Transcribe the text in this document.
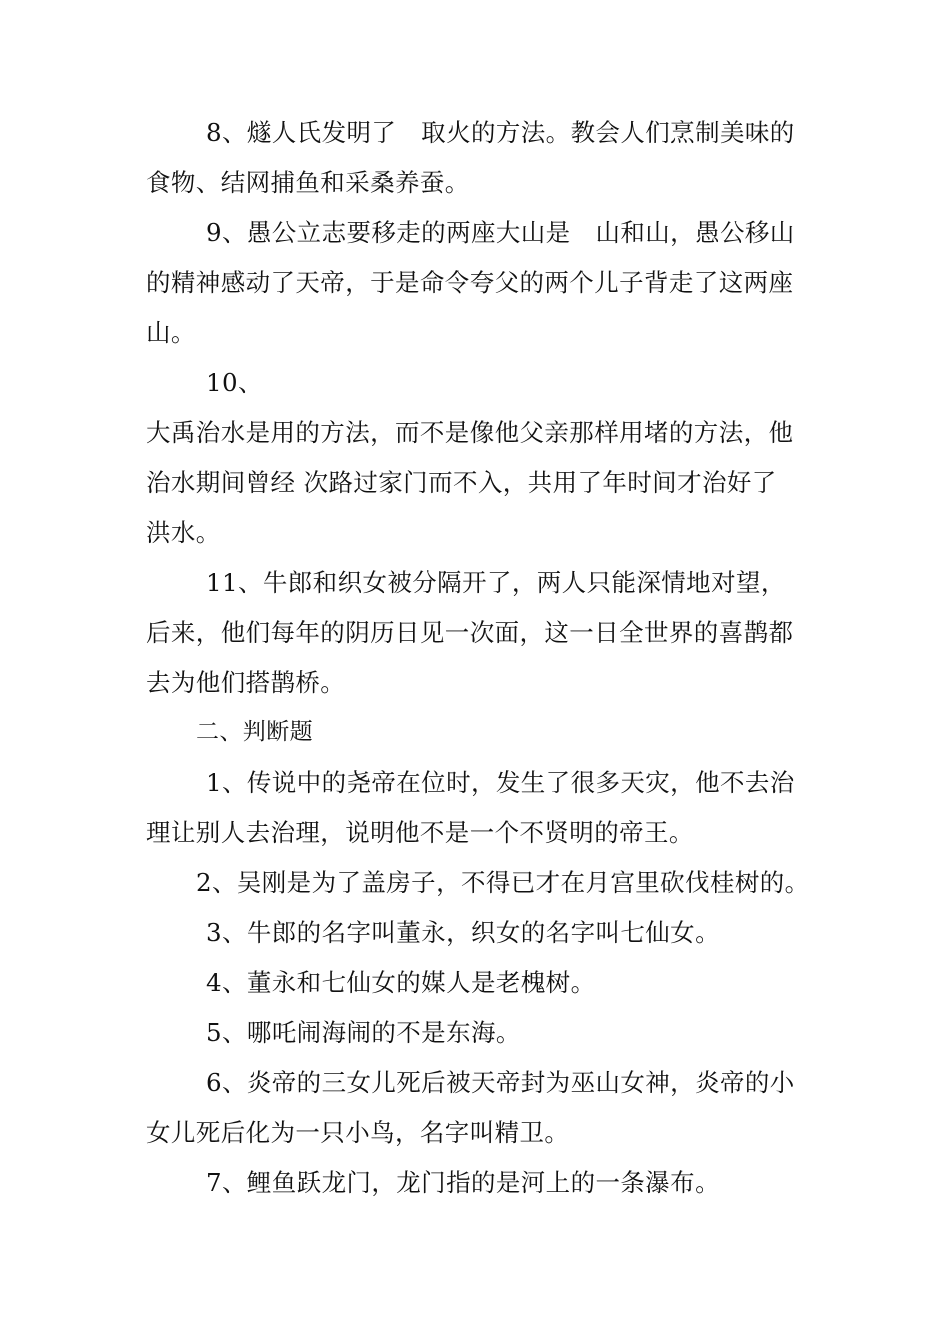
8、燧人氏发明了　取火的方法。教会人们烹制美味的
食物、结网捕鱼和采桑养蚕。
9、愚公立志要移走的两座大山是　山和山，愚公移山
的精神感动了天帝，于是命令夸父的两个儿子背走了这两座
山。
10、
大禹治水是用的方法，而不是像他父亲那样用堵的方法，他
治水期间曾经 次路过家门而不入，共用了年时间才治好了
洪水。
11、牛郎和织女被分隔开了，两人只能深情地对望，
后来，他们每年的阴历日见一次面，这一日全世界的喜鹊都
去为他们搭鹊桥。
二、判断题
1、传说中的尧帝在位时，发生了很多天灾，他不去治
理让别人去治理，说明他不是一个不贤明的帝王。
2、吴刚是为了盖房子，不得已才在月宫里砍伐桂树的。
3、牛郎的名字叫董永，织女的名字叫七仙女。
4、董永和七仙女的媒人是老槐树。
5、哪吒闹海闹的不是东海。
6、炎帝的三女儿死后被天帝封为巫山女神，炎帝的小
女儿死后化为一只小鸟，名字叫精卫。
7、鲤鱼跃龙门，龙门指的是河上的一条瀑布。
